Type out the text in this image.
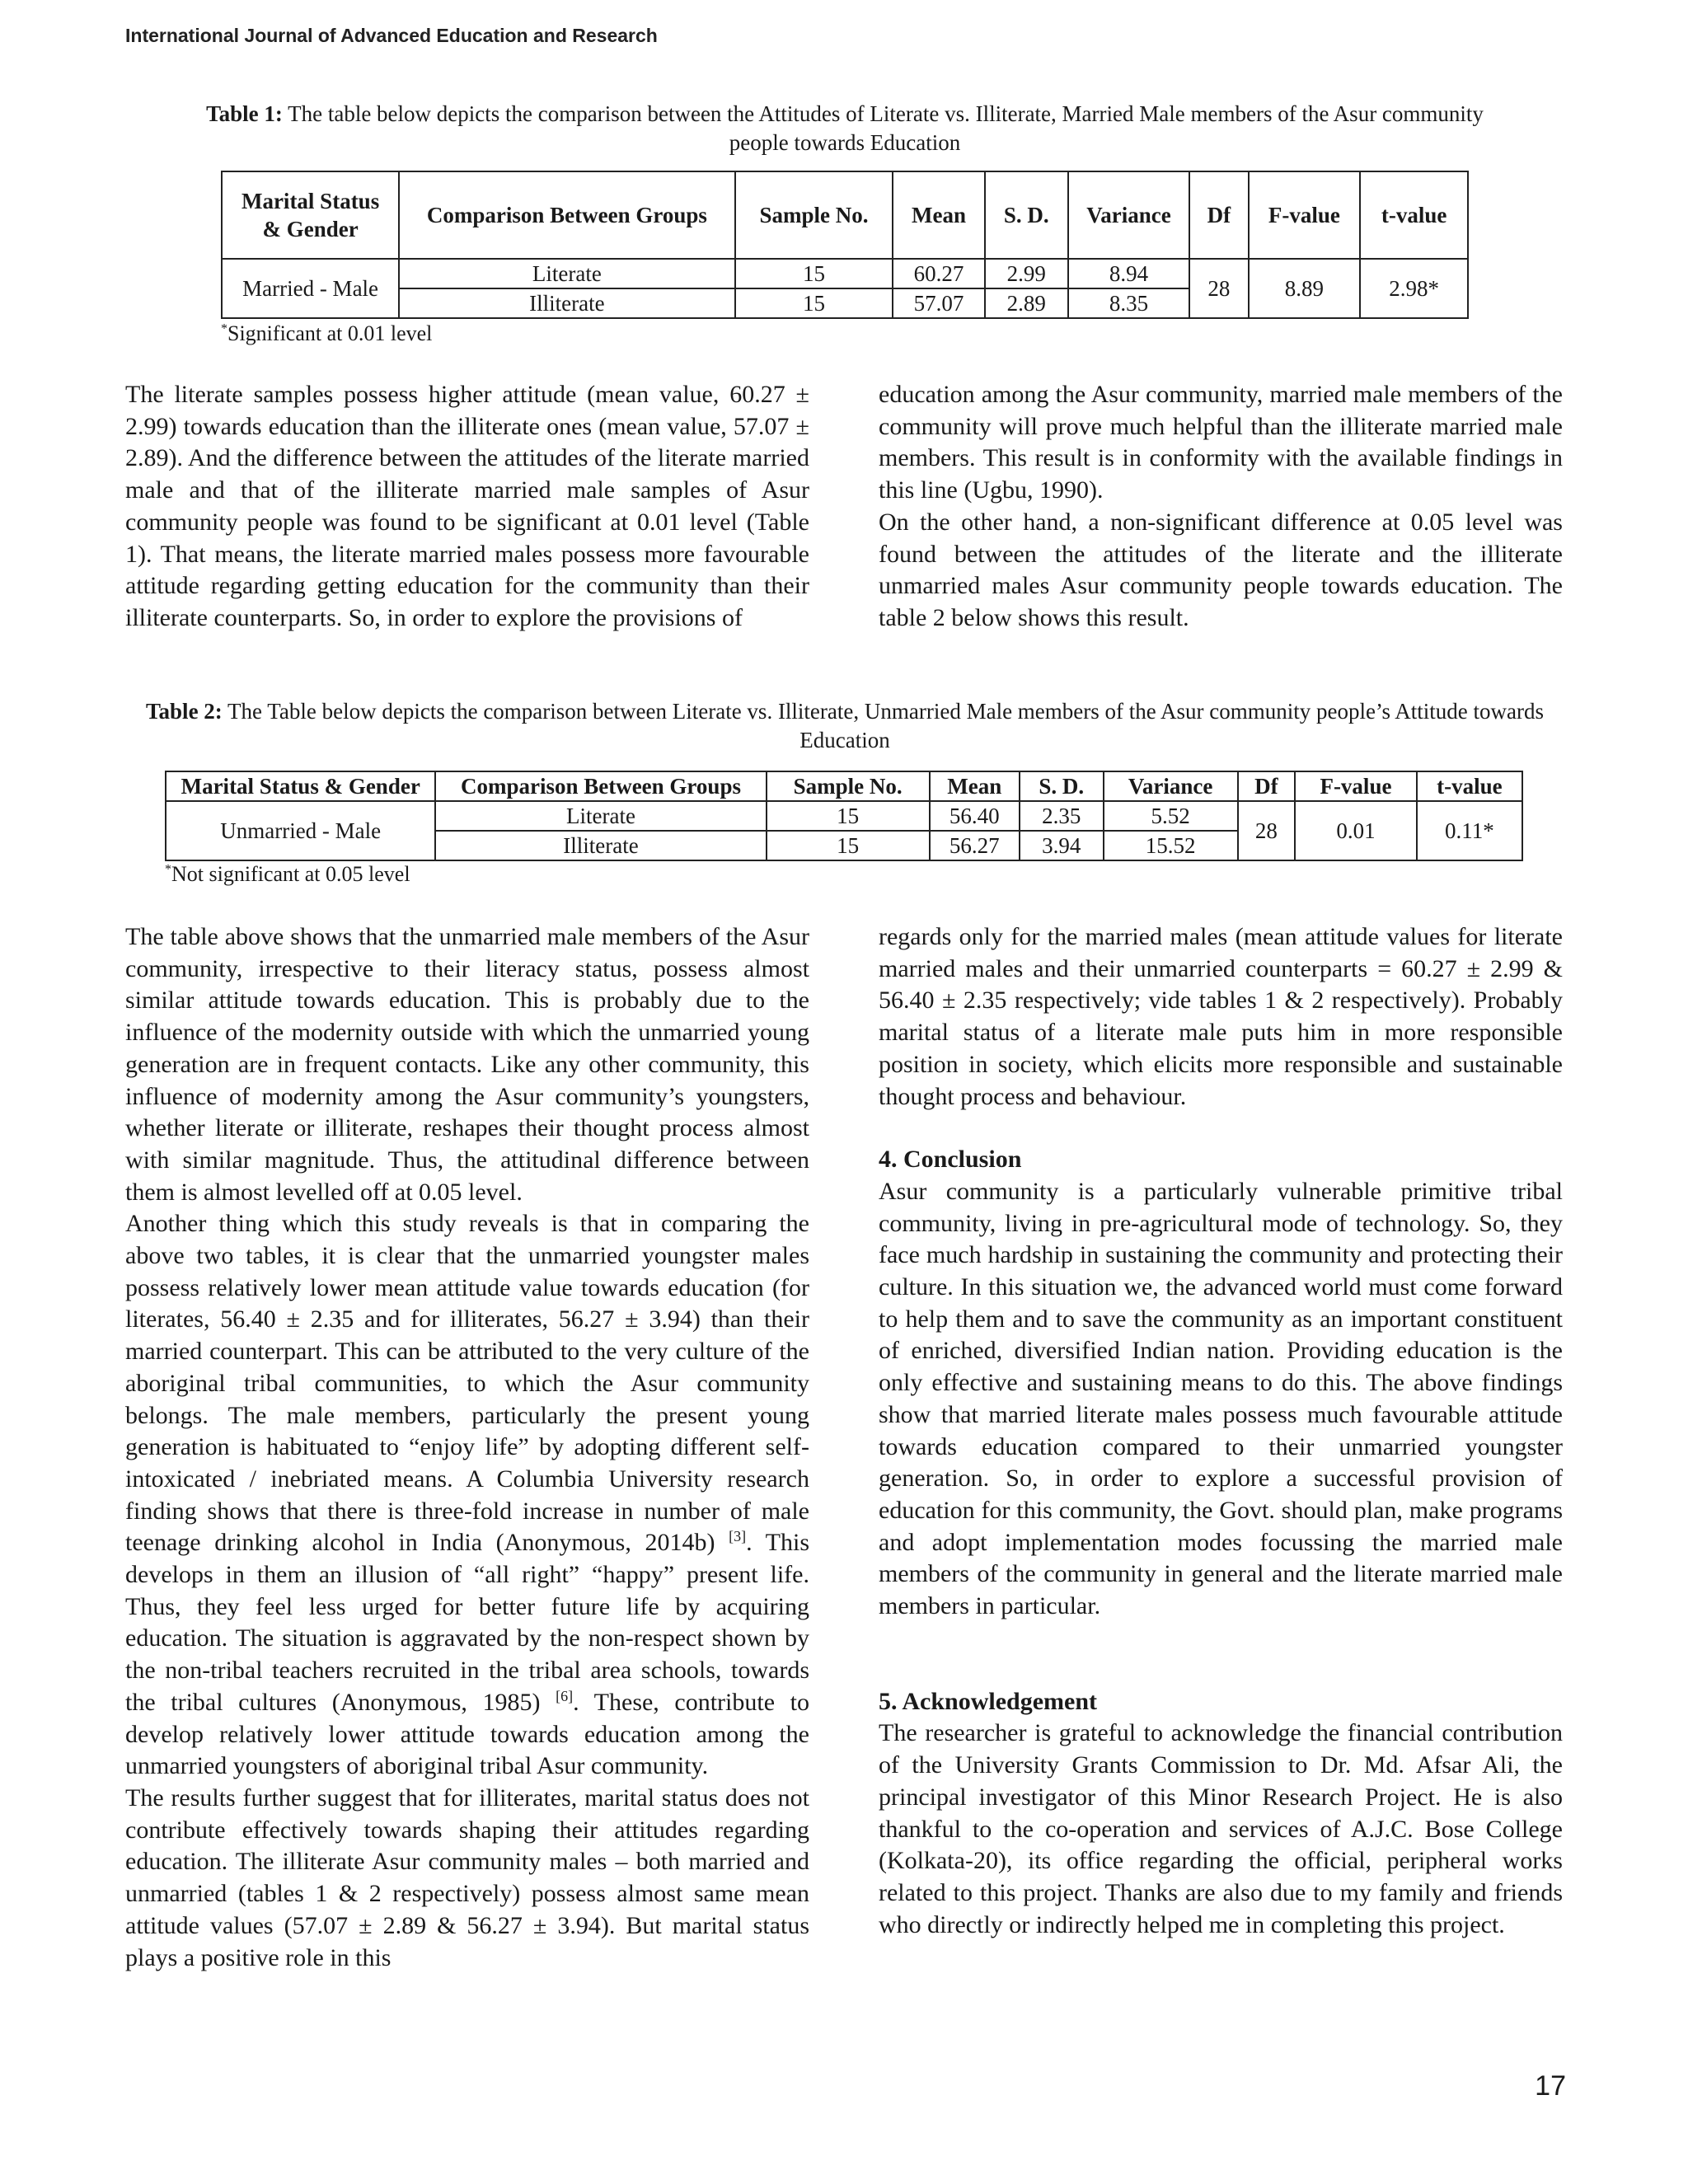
International Journal of Advanced Education and Research
Table 1: The table below depicts the comparison between the Attitudes of Literate vs. Illiterate, Married Male members of the Asur community people towards Education
Marital Status & Gender	Comparison Between Groups	Sample No.	Mean	S. D.	Variance	Df	F-value	t-value
Married - Male	Literate	15	60.27	2.99	8.94	28	8.89	2.98*
	Illiterate	15	57.07	2.89	8.35			
*Significant at 0.01 level

The literate samples possess higher attitude (mean value, 60.27 ± 2.99) towards education than the illiterate ones (mean value, 57.07 ± 2.89). And the difference between the attitudes of the literate married male and that of the illiterate married male samples of Asur community people was found to be significant at 0.01 level (Table 1). That means, the literate married males possess more favourable attitude regarding getting education for the community than their illiterate counterparts. So, in order to explore the provisions of

education among the Asur community, married male members of the community will prove much helpful than the illiterate married male members. This result is in conformity with the available findings in this line (Ugbu, 1990).

On the other hand, a non-significant difference at 0.05 level was found between the attitudes of the literate and the illiterate unmarried males Asur community people towards education. The table 2 below shows this result.

Table 2: The Table below depicts the comparison between Literate vs. Illiterate, Unmarried Male members of the Asur community people’s Attitude towards Education
Marital Status & Gender	Comparison Between Groups	Sample No.	Mean	S. D.	Variance	Df	F-value	t-value
Unmarried - Male	Literate	15	56.40	2.35	5.52	28	0.01	0.11*
	Illiterate	15	56.27	3.94	15.52			
*Not significant at 0.05 level

The table above shows that the unmarried male members of the Asur community, irrespective to their literacy status, possess almost similar attitude towards education. This is probably due to the influence of the modernity outside with which the unmarried young generation are in frequent contacts. Like any other community, this influence of modernity among the Asur community’s youngsters, whether literate or illiterate, reshapes their thought process almost with similar magnitude. Thus, the attitudinal difference between them is almost levelled off at 0.05 level.

Another thing which this study reveals is that in comparing the above two tables, it is clear that the unmarried youngster males possess relatively lower mean attitude value towards education (for literates, 56.40 ± 2.35 and for illiterates, 56.27 ± 3.94) than their married counterpart. This can be attributed to the very culture of the aboriginal tribal communities, to which the Asur community belongs. The male members, particularly the present young generation is habituated to “enjoy life” by adopting different self-intoxicated / inebriated means. A Columbia University research finding shows that there is three-fold increase in number of male teenage drinking alcohol in India (Anonymous, 2014b) [3]. This develops in them an illusion of “all right” “happy” present life. Thus, they feel less urged for better future life by acquiring education. The situation is aggravated by the non-respect shown by the non-tribal teachers recruited in the tribal area schools, towards the tribal cultures (Anonymous, 1985) [6]. These, contribute to develop relatively lower attitude towards education among the unmarried youngsters of aboriginal tribal Asur community.

The results further suggest that for illiterates, marital status does not contribute effectively towards shaping their attitudes regarding education. The illiterate Asur community males – both married and unmarried (tables 1 & 2 respectively) possess almost same mean attitude values (57.07 ± 2.89 & 56.27 ± 3.94). But marital status plays a positive role in this

regards only for the married males (mean attitude values for literate married males and their unmarried counterparts = 60.27 ± 2.99 & 56.40 ± 2.35 respectively; vide tables 1 & 2 respectively). Probably marital status of a literate male puts him in more responsible position in society, which elicits more responsible and sustainable thought process and behaviour.

4. Conclusion

Asur community is a particularly vulnerable primitive tribal community, living in pre-agricultural mode of technology. So, they face much hardship in sustaining the community and protecting their culture. In this situation we, the advanced world must come forward to help them and to save the community as an important constituent of enriched, diversified Indian nation. Providing education is the only effective and sustaining means to do this. The above findings show that married literate males possess much favourable attitude towards education compared to their unmarried youngster generation. So, in order to explore a successful provision of education for this community, the Govt. should plan, make programs and adopt implementation modes focussing the married male members of the community in general and the literate married male members in particular.

5. Acknowledgement

The researcher is grateful to acknowledge the financial contribution of the University Grants Commission to Dr. Md. Afsar Ali, the principal investigator of this Minor Research Project. He is also thankful to the co-operation and services of A.J.C. Bose College (Kolkata-20), its office regarding the official, peripheral works related to this project. Thanks are also due to my family and friends who directly or indirectly helped me in completing this project.

17
